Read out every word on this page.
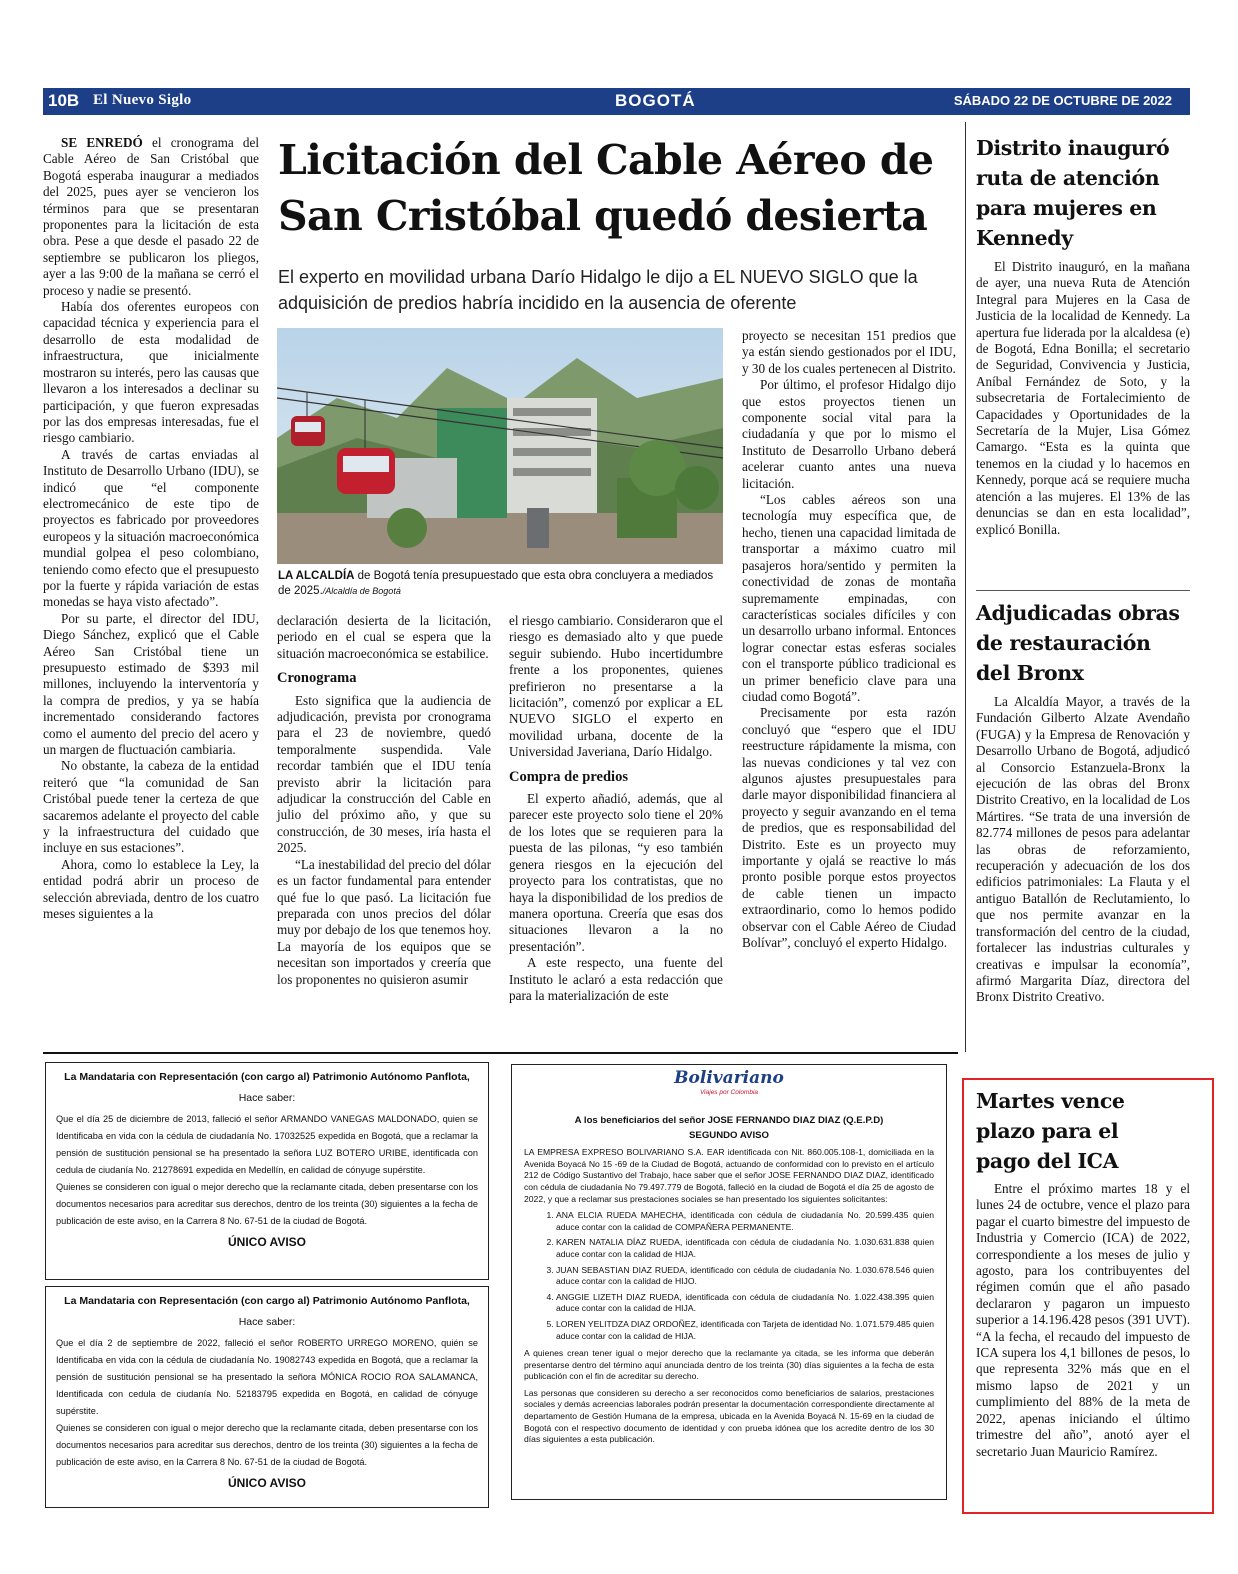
10B El Nuevo Siglo	BOGOTÁ	SÁBADO 22 DE OCTUBRE DE 2022

SE ENREDÓ el cronograma del Cable Aéreo de San Cristóbal que Bogotá esperaba inaugurar a mediados del 2025, pues ayer se vencieron los términos para que se presentaran proponentes para la licitación de esta obra. Pese a que desde el pasado 22 de septiembre se publicaron los pliegos, ayer a las 9:00 de la mañana se cerró el proceso y nadie se presentó.

Había dos oferentes europeos con capacidad técnica y experiencia para el desarrollo de esta modalidad de infraestructura, que inicialmente mostraron su interés, pero las causas que llevaron a los interesados a declinar su participación, y que fueron expresadas por las dos empresas interesadas, fue el riesgo cambiario.

A través de cartas enviadas al Instituto de Desarrollo Urbano (IDU), se indicó que “el componente electromecánico de este tipo de proyectos es fabricado por proveedores europeos y la situación macroeconómica mundial golpea el peso colombiano, teniendo como efecto que el presupuesto por la fuerte y rápida variación de estas monedas se haya visto afectado”.

Por su parte, el director del IDU, Diego Sánchez, explicó que el Cable Aéreo San Cristóbal tiene un presupuesto estimado de $393 mil millones, incluyendo la interventoría y la compra de predios, y ya se había incrementado considerando factores como el aumento del precio del acero y un margen de fluctuación cambiaria.

No obstante, la cabeza de la entidad reiteró que “la comunidad de San Cristóbal puede tener la certeza de que sacaremos adelante el proyecto del cable y la infraestructura del cuidado que incluye en sus estaciones”.

Ahora, como lo establece la Ley, la entidad podrá abrir un proceso de selección abreviada, dentro de los cuatro meses siguientes a la

Licitación del Cable Aéreo de San Cristóbal quedó desierta
El experto en movilidad urbana Darío Hidalgo le dijo a EL NUEVO SIGLO que la adquisición de predios habría incidido en la ausencia de oferente
LA ALCALDÍA de Bogotá tenía presupuestado que esta obra concluyera a mediados de 2025./Alcaldía de Bogotá

declaración desierta de la licitación, periodo en el cual se espera que la situación macroeconómica se estabilice.

Cronograma

Esto significa que la audiencia de adjudicación, prevista por cronograma para el 23 de noviembre, quedó temporalmente suspendida. Vale recordar también que el IDU tenía previsto abrir la licitación para adjudicar la construcción del Cable en julio del próximo año, y que su construcción, de 30 meses, iría hasta el 2025.

“La inestabilidad del precio del dólar es un factor fundamental para entender qué fue lo que pasó. La licitación fue preparada con unos precios del dólar muy por debajo de los que tenemos hoy. La mayoría de los equipos que se necesitan son importados y creería que los proponentes no quisieron asumir

el riesgo cambiario. Consideraron que el riesgo es demasiado alto y que puede seguir subiendo. Hubo incertidumbre frente a los proponentes, quienes prefirieron no presentarse a la licitación”, comenzó por explicar a EL NUEVO SIGLO el experto en movilidad urbana, docente de la Universidad Javeriana, Darío Hidalgo.

Compra de predios

El experto añadió, además, que al parecer este proyecto solo tiene el 20% de los lotes que se requieren para la puesta de las pilonas, “y eso también genera riesgos en la ejecución del proyecto para los contratistas, que no haya la disponibilidad de los predios de manera oportuna. Creería que esas dos situaciones llevaron a la no presentación”.

A este respecto, una fuente del Instituto le aclaró a esta redacción que para la materialización de este

proyecto se necesitan 151 predios que ya están siendo gestionados por el IDU, y 30 de los cuales pertenecen al Distrito.

Por último, el profesor Hidalgo dijo que estos proyectos tienen un componente social vital para la ciudadanía y que por lo mismo el Instituto de Desarrollo Urbano deberá acelerar cuanto antes una nueva licitación.

“Los cables aéreos son una tecnología muy específica que, de hecho, tienen una capacidad limitada de transportar a máximo cuatro mil pasajeros hora/sentido y permiten la conectividad de zonas de montaña supremamente empinadas, con características sociales difíciles y con un desarrollo urbano informal. Entonces lograr conectar estas esferas sociales con el transporte público tradicional es un primer beneficio clave para una ciudad como Bogotá”.

Precisamente por esta razón concluyó que “espero que el IDU reestructure rápidamente la misma, con las nuevas condiciones y tal vez con algunos ajustes presupuestales para darle mayor disponibilidad financiera al proyecto y seguir avanzando en el tema de predios, que es responsabilidad del Distrito. Este es un proyecto muy importante y ojalá se reactive lo más pronto posible porque estos proyectos de cable tienen un impacto extraordinario, como lo hemos podido observar con el Cable Aéreo de Ciudad Bolívar”, concluyó el experto Hidalgo.

Distrito inauguró ruta de atención para mujeres en Kennedy
El Distrito inauguró, en la mañana de ayer, una nueva Ruta de Atención Integral para Mujeres en la Casa de Justicia de la localidad de Kennedy. La apertura fue liderada por la alcaldesa (e) de Bogotá, Edna Bonilla; el secretario de Seguridad, Convivencia y Justicia, Aníbal Fernández de Soto, y la subsecretaria de Fortalecimiento de Capacidades y Oportunidades de la Secretaría de la Mujer, Lisa Gómez Camargo. “Esta es la quinta que tenemos en la ciudad y lo hacemos en Kennedy, porque acá se requiere mucha atención a las mujeres. El 13% de las denuncias se dan en esta localidad”, explicó Bonilla.
Adjudicadas obras de restauración del Bronx
La Alcaldía Mayor, a través de la Fundación Gilberto Alzate Avendaño (FUGA) y la Empresa de Renovación y Desarrollo Urbano de Bogotá, adjudicó al Consorcio Estanzuela-Bronx la ejecución de las obras del Bronx Distrito Creativo, en la localidad de Los Mártires. “Se trata de una inversión de 82.774 millones de pesos para adelantar las obras de reforzamiento, recuperación y adecuación de los dos edificios patrimoniales: La Flauta y el antiguo Batallón de Reclutamiento, lo que nos permite avanzar en la transformación del centro de la ciudad, fortalecer las industrias culturales y creativas e impulsar la economía”, afirmó Margarita Díaz, directora del Bronx Distrito Creativo.
Martes vence plazo para el pago del ICA
Entre el próximo martes 18 y el lunes 24 de octubre, vence el plazo para pagar el cuarto bimestre del impuesto de Industria y Comercio (ICA) de 2022, correspondiente a los meses de julio y agosto, para los contribuyentes del régimen común que el año pasado declararon y pagaron un impuesto superior a 14.196.428 pesos (391 UVT). “A la fecha, el recaudo del impuesto de ICA supera los 4,1 billones de pesos, lo que representa 32% más que en el mismo lapso de 2021 y un cumplimiento del 88% de la meta de 2022, apenas iniciando el último trimestre del año”, anotó ayer el secretario Juan Mauricio Ramírez.
La Mandataria con Representación (con cargo al) Patrimonio Autónomo Panflota,
Hace saber:

Que el día 25 de diciembre de 2013, falleció el señor ARMANDO VANEGAS MALDONADO, quien se Identificaba en vida con la cédula de ciudadanía No. 17032525 expedida en Bogotá, que a reclamar la pensión de sustitución pensional se ha presentado la señora LUZ BOTERO URIBE, identificada con cedula de ciudanía No. 21278691 expedida en Medellín, en calidad de cónyuge supérstite.

Quienes se consideren con igual o mejor derecho que la reclamante citada, deben presentarse con los documentos necesarios para acreditar sus derechos, dentro de los treinta (30) siguientes a la fecha de publicación de este aviso, en la Carrera 8 No. 67-51 de la ciudad de Bogotá.

ÚNICO AVISO
La Mandataria con Representación (con cargo al) Patrimonio Autónomo Panflota,
Hace saber:

Que el día 2 de septiembre de 2022, falleció el señor ROBERTO URREGO MORENO, quién se Identificaba en vida con la cédula de ciudadanía No. 19082743 expedida en Bogotá, que a reclamar la pensión de sustitución pensional se ha presentado la señora MÓNICA ROCIO ROA SALAMANCA, Identificada con cedula de ciudanía No. 52183795 expedida en Bogotá, en calidad de cónyuge supérstite.

Quienes se consideren con igual o mejor derecho que la reclamante citada, deben presentarse con los documentos necesarios para acreditar sus derechos, dentro de los treinta (30) siguientes a la fecha de publicación de este aviso, en la Carrera 8 No. 67-51 de la ciudad de Bogotá.

ÚNICO AVISO
Bolivariano
Viajes por Colombia
A los beneficiarios del señor JOSE FERNANDO DIAZ DIAZ (Q.E.P.D)
SEGUNDO AVISO

LA EMPRESA EXPRESO BOLIVARIANO S.A. EAR identificada con Nit. 860.005.108-1, domiciliada en la Avenida Boyacá No 15 -69 de la Ciudad de Bogotá, actuando de conformidad con lo previsto en el artículo 212 de Código Sustantivo del Trabajo, hace saber que el señor JOSE FERNANDO DIAZ DIAZ, identificado con cédula de ciudadanía No 79.497.779 de Bogotá, falleció en la ciudad de Bogotá el día 25 de agosto de 2022, y que a reclamar sus prestaciones sociales se han presentado los siguientes solicitantes:

1. ANA ELCIA RUEDA MAHECHA, identificada con cédula de ciudadanía No. 20.599.435 quien aduce contar con la calidad de COMPAÑERA PERMANENTE.
2. KAREN NATALIA DÍAZ RUEDA, identificada con cédula de ciudadanía No. 1.030.631.838 quien aduce contar con la calidad de HIJA.
3. JUAN SEBASTIAN DIAZ RUEDA, identificado con cédula de ciudadanía No. 1.030.678.546 quien aduce contar con la calidad de HIJO.
4. ANGGIE LIZETH DIAZ RUEDA, identificada con cédula de ciudadanía No. 1.022.438.395 quien aduce contar con la calidad de HIJA.
5. LOREN YELITDZA DIAZ ORDOÑEZ, identificada con Tarjeta de identidad No. 1.071.579.485 quien aduce contar con la calidad de HIJA.

A quienes crean tener igual o mejor derecho que la reclamante ya citada, se les informa que deberán presentarse dentro del término aquí anunciada dentro de los treinta (30) días siguientes a la fecha de esta publicación con el fin de acreditar su derecho.

Las personas que consideren su derecho a ser reconocidos como beneficiarios de salarios, prestaciones sociales y demás acreencias laborales podrán presentar la documentación correspondiente directamente al departamento de Gestión Humana de la empresa, ubicada en la Avenida Boyacá N. 15-69 en la ciudad de Bogotá con el respectivo documento de identidad y con prueba idónea que los acredite dentro de los 30 días siguientes a esta publicación.
